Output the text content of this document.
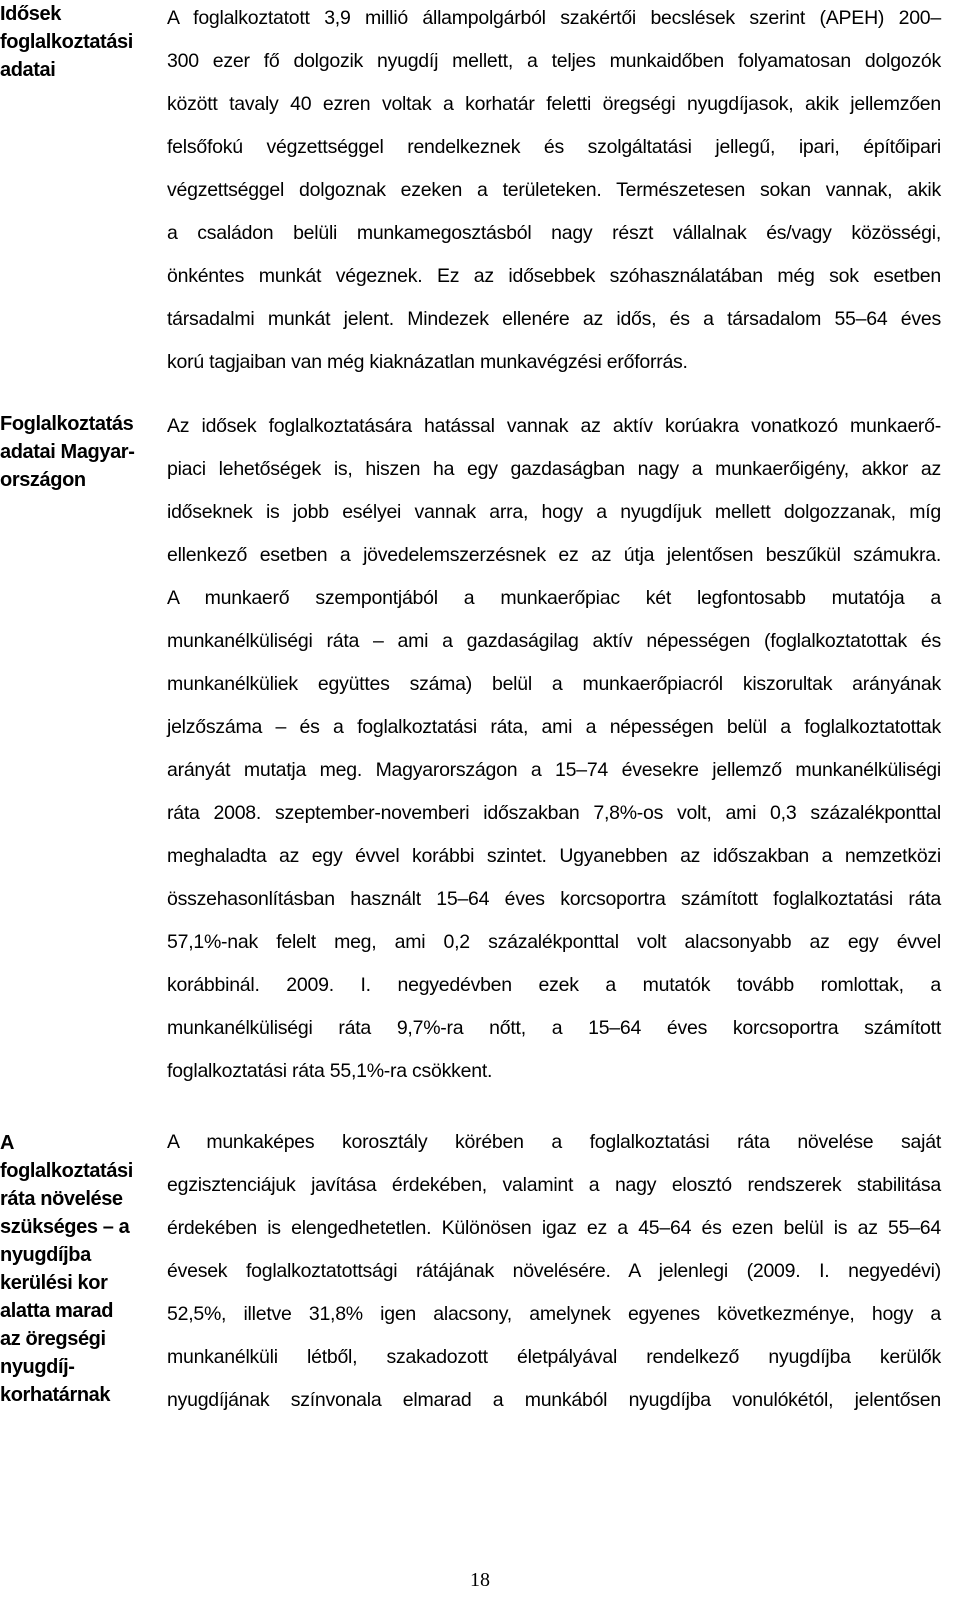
Idősek
foglalkoztatási
adatai
A foglalkoztatott 3,9 millió állampolgárból szakértői becslések szerint (APEH) 200–
300 ezer fő dolgozik nyugdíj mellett, a teljes munkaidőben folyamatosan dolgozók
között tavaly 40 ezren voltak a korhatár feletti öregségi nyugdíjasok, akik jellemzően
felsőfokú végzettséggel rendelkeznek és szolgáltatási jellegű, ipari, építőipari
végzettséggel dolgoznak ezeken a területeken. Természetesen sokan vannak, akik
a családon belüli munkamegosztásból nagy részt vállalnak és/vagy közösségi,
önkéntes munkát végeznek. Ez az idősebbek szóhasználatában még sok esetben
társadalmi munkát jelent. Mindezek ellenére az idős, és a társadalom 55–64 éves
korú tagjaiban van még kiaknázatlan munkavégzési erőforrás.
Foglalkoztatás
adatai Magyar-
országon
Az idősek foglalkoztatására hatással vannak az aktív korúakra vonatkozó munkaerő-
piaci lehetőségek is, hiszen ha egy gazdaságban nagy a munkaerőigény, akkor az
időseknek is jobb esélyei vannak arra, hogy a nyugdíjuk mellett dolgozzanak, míg
ellenkező esetben a jövedelemszerzésnek ez az útja jelentősen beszűkül számukra.
A munkaerő szempontjából a munkaerőpiac két legfontosabb mutatója a
munkanélküliségi ráta – ami a gazdaságilag aktív népességen (foglalkoztatottak és
munkanélküliek együttes száma) belül a munkaerőpiacról kiszorultak arányának
jelzőszáma – és a foglalkoztatási ráta, ami a népességen belül a foglalkoztatottak
arányát mutatja meg. Magyarországon a 15–74 évesekre jellemző munkanélküliségi
ráta 2008. szeptember-novemberi időszakban 7,8%-os volt, ami 0,3 százalékponttal
meghaladta az egy évvel korábbi szintet. Ugyanebben az időszakban a nemzetközi
összehasonlításban használt 15–64 éves korcsoportra számított foglalkoztatási ráta
57,1%-nak felelt meg, ami 0,2 százalékponttal volt alacsonyabb az egy évvel
korábbinál. 2009. I. negyedévben ezek a mutatók tovább romlottak, a
munkanélküliségi ráta 9,7%-ra nőtt, a 15–64 éves korcsoportra számított
foglalkoztatási ráta 55,1%-ra csökkent.
A
foglalkoztatási
ráta növelése
szükséges – a
nyugdíjba
kerülési kor
alatta marad
az öregségi
nyugdíj-
korhatárnak
A munkaképes korosztály körében a foglalkoztatási ráta növelése saját
egzisztenciájuk javítása érdekében, valamint a nagy elosztó rendszerek stabilitása
érdekében is elengedhetetlen. Különösen igaz ez a 45–64 és ezen belül is az 55–64
évesek foglalkoztatottsági rátájának növelésére. A jelenlegi (2009. I. negyedévi)
52,5%, illetve 31,8% igen alacsony, amelynek egyenes következménye, hogy a
munkanélküli létből, szakadozott életpályával rendelkező nyugdíjba kerülők
nyugdíjának színvonala elmarad a munkából nyugdíjba vonulókétól, jelentősen
18
